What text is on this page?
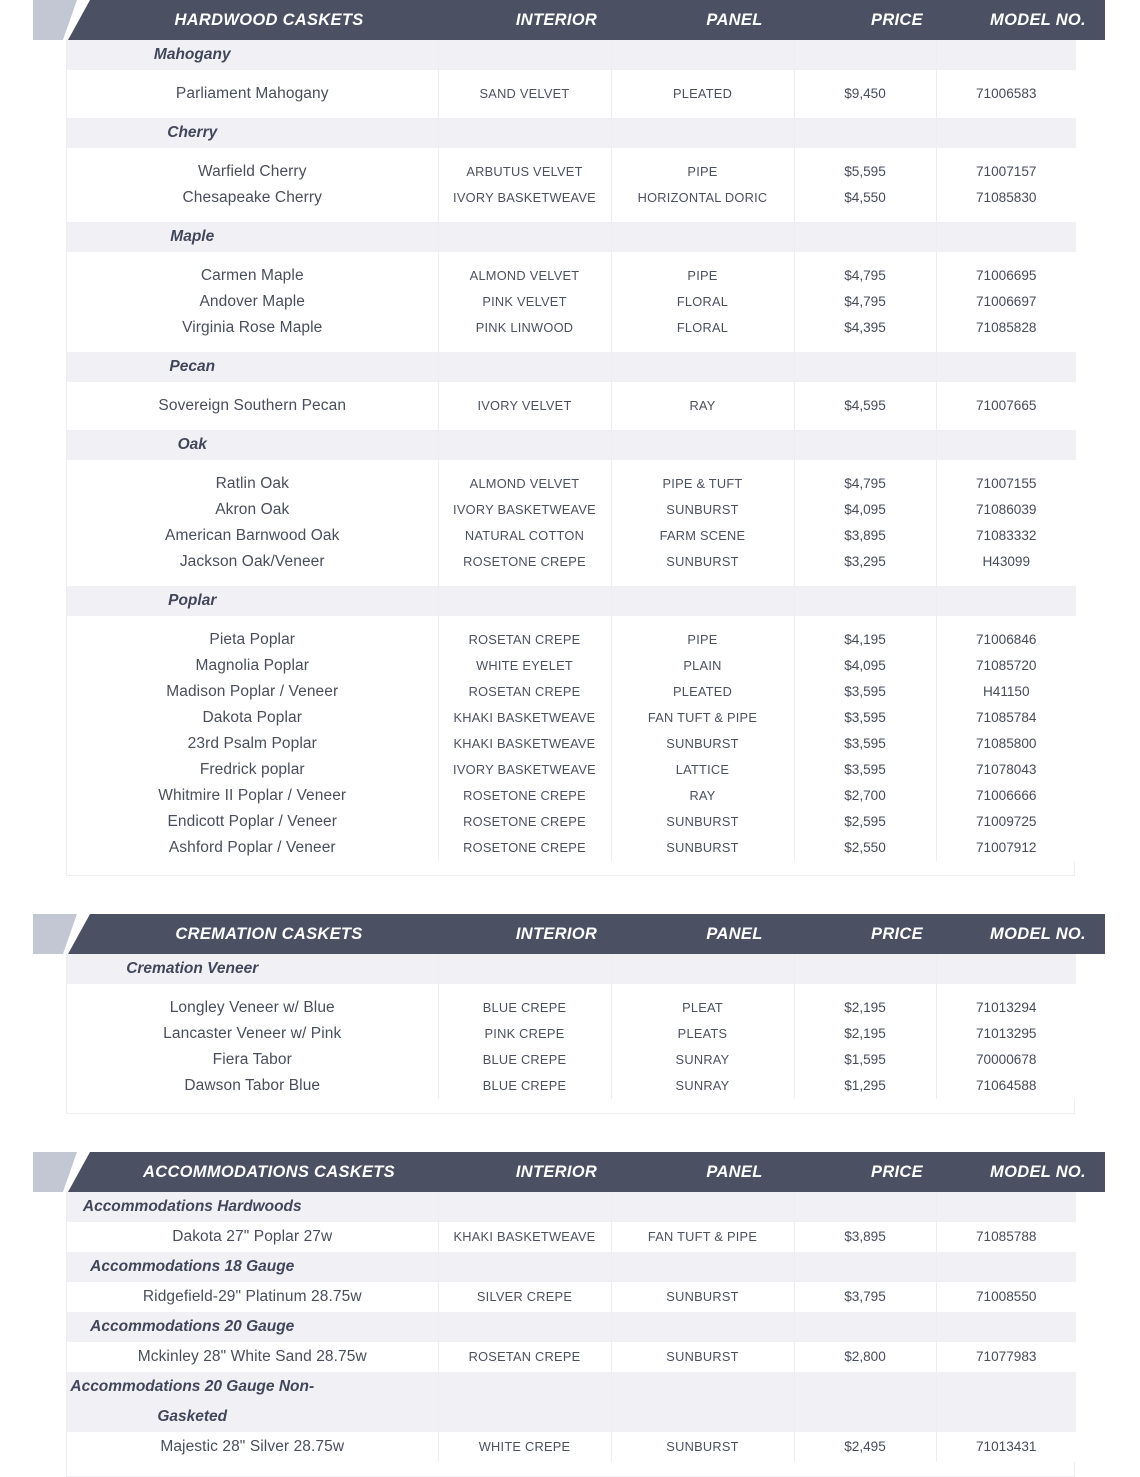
HARDWOOD CASKETS	INTERIOR	PANEL	PRICE	MODEL NO.
Mahogany				

Parliament Mahogany	SAND VELVET	PLEATED	$9,450	71006583

Cherry				

Warfield Cherry	ARBUTUS VELVET	PIPE	$5,595	71007157
Chesapeake Cherry	IVORY BASKETWEAVE	HORIZONTAL DORIC	$4,550	71085830

Maple				

Carmen Maple	ALMOND VELVET	PIPE	$4,795	71006695
Andover Maple	PINK VELVET	FLORAL	$4,795	71006697
Virginia Rose Maple	PINK LINWOOD	FLORAL	$4,395	71085828

Pecan				

Sovereign Southern Pecan	IVORY VELVET	RAY	$4,595	71007665

Oak				

Ratlin Oak	ALMOND VELVET	PIPE & TUFT	$4,795	71007155
Akron Oak	IVORY BASKETWEAVE	SUNBURST	$4,095	71086039
American Barnwood Oak	NATURAL COTTON	FARM SCENE	$3,895	71083332
Jackson Oak/Veneer	ROSETONE CREPE	SUNBURST	$3,295	H43099

Poplar				

Pieta Poplar	ROSETAN CREPE	PIPE	$4,195	71006846
Magnolia Poplar	WHITE EYELET	PLAIN	$4,095	71085720
Madison Poplar / Veneer	ROSETAN CREPE	PLEATED	$3,595	H41150
Dakota Poplar	KHAKI BASKETWEAVE	FAN TUFT & PIPE	$3,595	71085784
23rd Psalm Poplar	KHAKI BASKETWEAVE	SUNBURST	$3,595	71085800
Fredrick poplar	IVORY BASKETWEAVE	LATTICE	$3,595	71078043
Whitmire II Poplar / Veneer	ROSETONE CREPE	RAY	$2,700	71006666
Endicott Poplar / Veneer	ROSETONE CREPE	SUNBURST	$2,595	71009725
Ashford Poplar / Veneer	ROSETONE CREPE	SUNBURST	$2,550	71007912
CREMATION CASKETS	INTERIOR	PANEL	PRICE	MODEL NO.
Cremation Veneer				

Longley Veneer w/ Blue	BLUE CREPE	PLEAT	$2,195	71013294
Lancaster Veneer w/ Pink	PINK CREPE	PLEATS	$2,195	71013295
Fiera Tabor	BLUE CREPE	SUNRAY	$1,595	70000678
Dawson Tabor Blue	BLUE CREPE	SUNRAY	$1,295	71064588
ACCOMMODATIONS CASKETS	INTERIOR	PANEL	PRICE	MODEL NO.
Accommodations Hardwoods				

Dakota 27" Poplar 27w	KHAKI BASKETWEAVE	FAN TUFT & PIPE	$3,895	71085788

Accommodations 18 Gauge				

Ridgefield-29" Platinum 28.75w	SILVER CREPE	SUNBURST	$3,795	71008550

Accommodations 20 Gauge				

Mckinley 28" White Sand 28.75w	ROSETAN CREPE	SUNBURST	$2,800	71077983

Accommodations 20 Gauge Non-Gasketed				

Majestic 28" Silver 28.75w	WHITE CREPE	SUNBURST	$2,495	71013431
